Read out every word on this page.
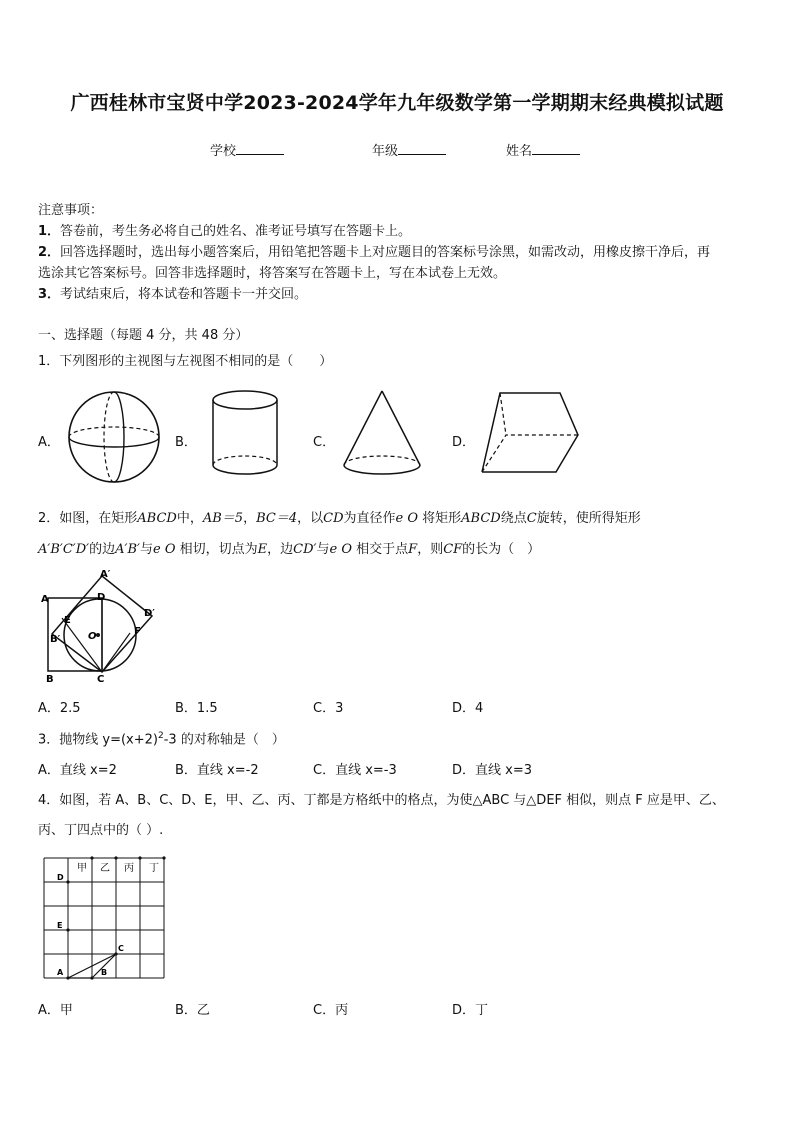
广西桂林市宝贤中学2023-2024学年九年级数学第一学期期末经典模拟试题
学校	年级	姓名
注意事项：
1．答卷前，考生务必将自己的姓名、准考证号填写在答题卡上。
2．回答选择题时，选出每小题答案后，用铅笔把答题卡上对应题目的答案标号涂黑，如需改动，用橡皮擦干净后，再
选涂其它答案标号。回答非选择题时，将答案写在答题卡上，写在本试卷上无效。
3．考试结束后，将本试卷和答题卡一并交回。
一、选择题（每题 4 分，共 48 分）
1．下列图形的主视图与左视图不相同的是（　　）
A．	B．	C．	D．
2．如图，在矩形ABCD中，AB＝5，BC＝4，以CD为直径作e O 将矩形ABCD绕点C旋转，使所得矩形
A′B′C′D′的边A′B′与e O 相切，切点为E，边CD′与e O 相交于点F，则CF的长为（　）
A
A′
D
D′
E
B′	O	F
B	C
A．2.5	B．1.5	C．3	D．4
3．抛物线 $y=(x+2)^2-3$ 的对称轴是（　）
A．直线 x=2	B．直线 x=-2	C．直线 x=-3	D．直线 x=3
4．如图，若 A、B、C、D、E，甲、乙、丙、丁都是方格纸中的格点，为使△ABC 与△DEF 相似，则点 F 应是甲、乙、
丙、丁四点中的（ ）.
甲 乙 丙 丁
D
E
C
A	B
A．甲	B．乙	C．丙	D．丁
